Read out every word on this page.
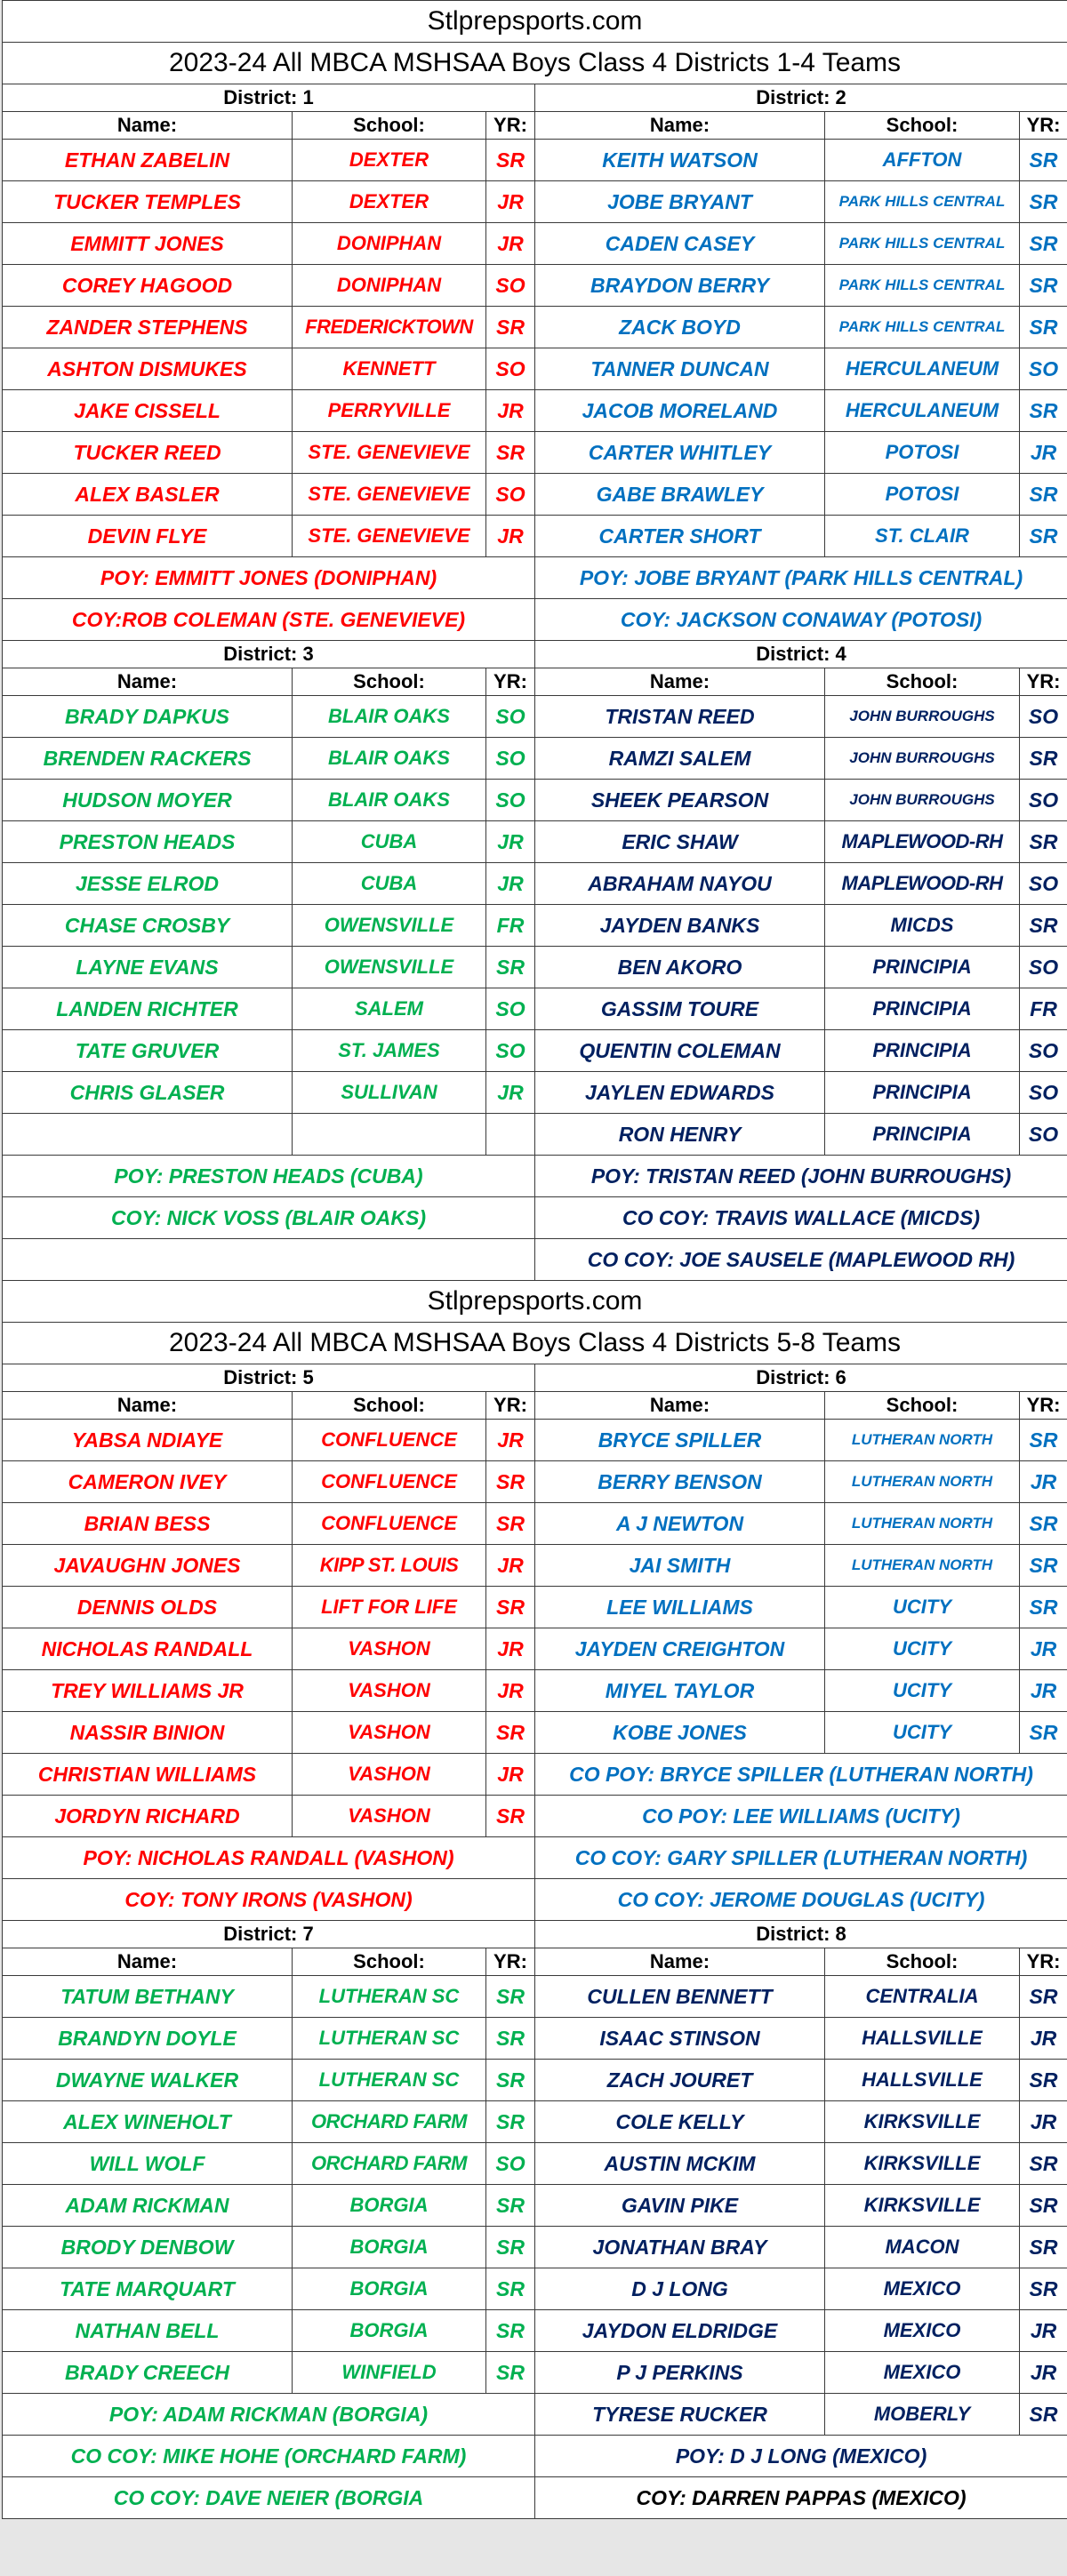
Stlprepsports.com					
2023-24 All MBCA MSHSAA Boys Class 4 Districts 1-4 Teams					
District: 1			District: 2		
Name:	School:	YR:	Name:	School:	YR:
ETHAN ZABELIN	DEXTER	SR	KEITH WATSON	AFFTON	SR
TUCKER TEMPLES	DEXTER	JR	JOBE BRYANT	PARK HILLS CENTRAL	SR
EMMITT JONES	DONIPHAN	JR	CADEN CASEY	PARK HILLS CENTRAL	SR
COREY HAGOOD	DONIPHAN	SO	BRAYDON BERRY	PARK HILLS CENTRAL	SR
ZANDER STEPHENS	FREDERICKTOWN	SR	ZACK BOYD	PARK HILLS CENTRAL	SR
ASHTON DISMUKES	KENNETT	SO	TANNER DUNCAN	HERCULANEUM	SO
JAKE CISSELL	PERRYVILLE	JR	JACOB MORELAND	HERCULANEUM	SR
TUCKER REED	STE. GENEVIEVE	SR	CARTER WHITLEY	POTOSI	JR
ALEX BASLER	STE. GENEVIEVE	SO	GABE BRAWLEY	POTOSI	SR
DEVIN FLYE	STE. GENEVIEVE	JR	CARTER SHORT	ST. CLAIR	SR
POY: EMMITT JONES (DONIPHAN)			POY: JOBE BRYANT (PARK HILLS CENTRAL)		
COY:ROB COLEMAN (STE. GENEVIEVE)			COY: JACKSON CONAWAY (POTOSI)		
District: 3			District: 4		
Name:	School:	YR:	Name:	School:	YR:
BRADY DAPKUS	BLAIR OAKS	SO	TRISTAN REED	JOHN BURROUGHS	SO
BRENDEN RACKERS	BLAIR OAKS	SO	RAMZI SALEM	JOHN BURROUGHS	SR
HUDSON MOYER	BLAIR OAKS	SO	SHEEK PEARSON	JOHN BURROUGHS	SO
PRESTON HEADS	CUBA	JR	ERIC SHAW	MAPLEWOOD-RH	SR
JESSE ELROD	CUBA	JR	ABRAHAM NAYOU	MAPLEWOOD-RH	SO
CHASE CROSBY	OWENSVILLE	FR	JAYDEN BANKS	MICDS	SR
LAYNE EVANS	OWENSVILLE	SR	BEN AKORO	PRINCIPIA	SO
LANDEN RICHTER	SALEM	SO	GASSIM TOURE	PRINCIPIA	FR
TATE GRUVER	ST. JAMES	SO	QUENTIN COLEMAN	PRINCIPIA	SO
CHRIS GLASER	SULLIVAN	JR	JAYLEN EDWARDS	PRINCIPIA	SO
			RON HENRY	PRINCIPIA	SO
POY: PRESTON HEADS (CUBA)			POY: TRISTAN REED (JOHN BURROUGHS)		
COY: NICK VOSS (BLAIR OAKS)			CO COY: TRAVIS WALLACE (MICDS)		
			CO COY: JOE SAUSELE (MAPLEWOOD RH)		
Stlprepsports.com					
2023-24 All MBCA MSHSAA Boys Class 4 Districts 5-8 Teams					
District: 5			District: 6		
Name:	School:	YR:	Name:	School:	YR:
YABSA NDIAYE	CONFLUENCE	JR	BRYCE SPILLER	LUTHERAN NORTH	SR
CAMERON IVEY	CONFLUENCE	SR	BERRY BENSON	LUTHERAN NORTH	JR
BRIAN BESS	CONFLUENCE	SR	A J NEWTON	LUTHERAN NORTH	SR
JAVAUGHN JONES	KIPP ST. LOUIS	JR	JAI SMITH	LUTHERAN NORTH	SR
DENNIS OLDS	LIFT FOR LIFE	SR	LEE WILLIAMS	UCITY	SR
NICHOLAS RANDALL	VASHON	JR	JAYDEN CREIGHTON	UCITY	JR
TREY WILLIAMS JR	VASHON	JR	MIYEL TAYLOR	UCITY	JR
NASSIR BINION	VASHON	SR	KOBE JONES	UCITY	SR
CHRISTIAN WILLIAMS	VASHON	JR	CO POY: BRYCE SPILLER (LUTHERAN NORTH)		
JORDYN RICHARD	VASHON	SR	CO POY: LEE WILLIAMS (UCITY)		
POY: NICHOLAS RANDALL (VASHON)			CO COY: GARY SPILLER (LUTHERAN NORTH)		
COY: TONY IRONS (VASHON)			CO COY: JEROME DOUGLAS (UCITY)		
District: 7			District: 8		
Name:	School:	YR:	Name:	School:	YR:
TATUM BETHANY	LUTHERAN SC	SR	CULLEN BENNETT	CENTRALIA	SR
BRANDYN DOYLE	LUTHERAN SC	SR	ISAAC STINSON	HALLSVILLE	JR
DWAYNE WALKER	LUTHERAN SC	SR	ZACH JOURET	HALLSVILLE	SR
ALEX WINEHOLT	ORCHARD FARM	SR	COLE KELLY	KIRKSVILLE	JR
WILL WOLF	ORCHARD FARM	SO	AUSTIN MCKIM	KIRKSVILLE	SR
ADAM RICKMAN	BORGIA	SR	GAVIN PIKE	KIRKSVILLE	SR
BRODY DENBOW	BORGIA	SR	JONATHAN BRAY	MACON	SR
TATE MARQUART	BORGIA	SR	D J LONG	MEXICO	SR
NATHAN BELL	BORGIA	SR	JAYDON ELDRIDGE	MEXICO	JR
BRADY CREECH	WINFIELD	SR	P J PERKINS	MEXICO	JR
POY: ADAM RICKMAN (BORGIA)			TYRESE RUCKER	MOBERLY	SR
CO COY: MIKE HOHE (ORCHARD FARM)			POY: D J LONG (MEXICO)		
CO COY: DAVE NEIER (BORGIA			COY: DARREN PAPPAS (MEXICO)		
